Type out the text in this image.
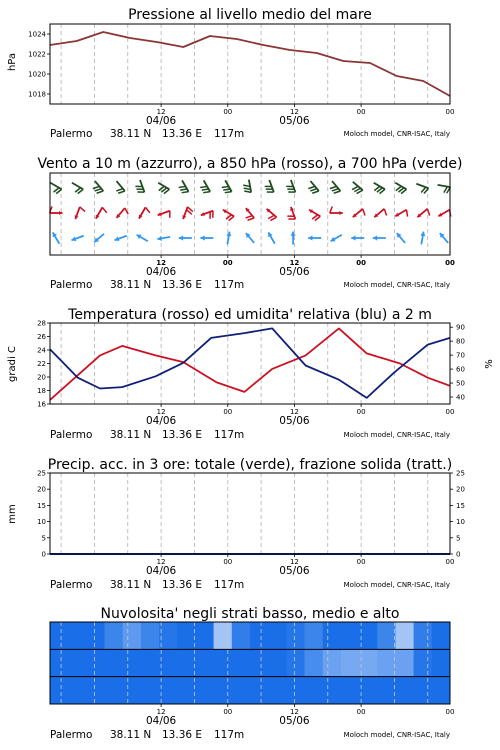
Pressione al livello medio del mare
Vento a 10 m (azzurro), a 850 hPa (rosso), a 700 hPa (verde)
Temperatura (rosso) ed umidita' relativa (blu) a 2 m
Precip. acc. in 3 ore: totale (verde), frazione solida (tratt.)
Nuvolosita' negli strati basso, medio e alto
hPa
gradi C	%
mm
Palermo 38.11 N 13.36 E 117m	Moloch model, CNR-ISAC, Italy
Palermo 38.11 N 13.36 E 117m	Moloch model, CNR-ISAC, Italy
Palermo 38.11 N 13.36 E 117m	Moloch model, CNR-ISAC, Italy
Palermo 38.11 N 13.36 E 117m	Moloch model, CNR-ISAC, Italy
Palermo 38.11 N 13.36 E 117m	Moloch model, CNR-ISAC, Italy
1024
1022
1020
1018
12	00	12	00	00
04/06	05/06
12	00	12	00	00
04/06	05/06
28
26
24
22
20
18
16
90
80
70
60
50
40
12	00	12	00	00
04/06	05/06
25
20
15
10
5
0
25
20
15
10
5
0
12	00	12	00	00
04/06	05/06
12	00	12	00	00
04/06	05/06
